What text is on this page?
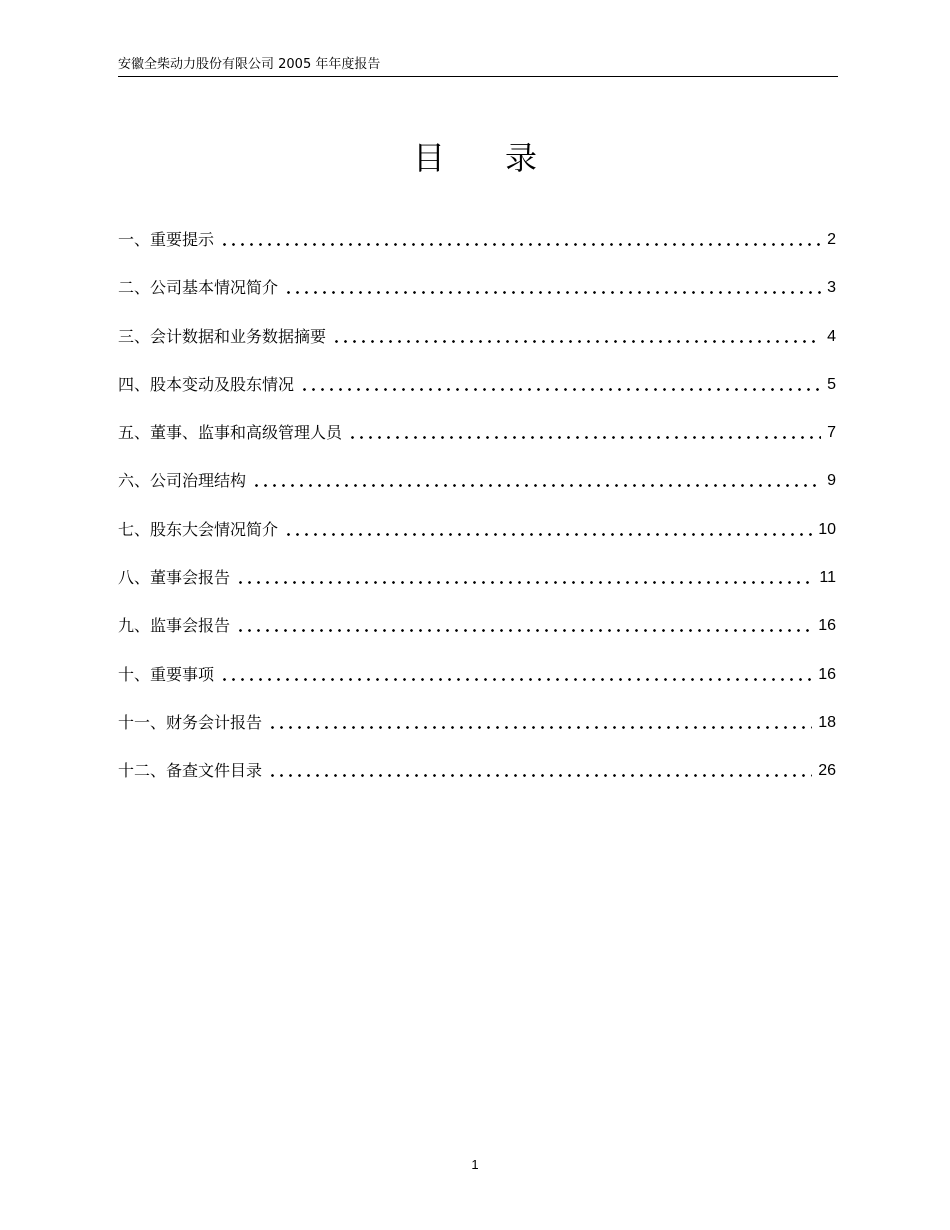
安徽全柴动力股份有限公司 2005 年年度报告
目 录
一、重要提示	2
二、公司基本情况简介	3
三、会计数据和业务数据摘要	4
四、股本变动及股东情况	5
五、董事、监事和高级管理人员	7
六、公司治理结构	9
七、股东大会情况简介	10
八、董事会报告	11
九、监事会报告	16
十、重要事项	16
十一、财务会计报告	18
十二、备查文件目录	26
1
